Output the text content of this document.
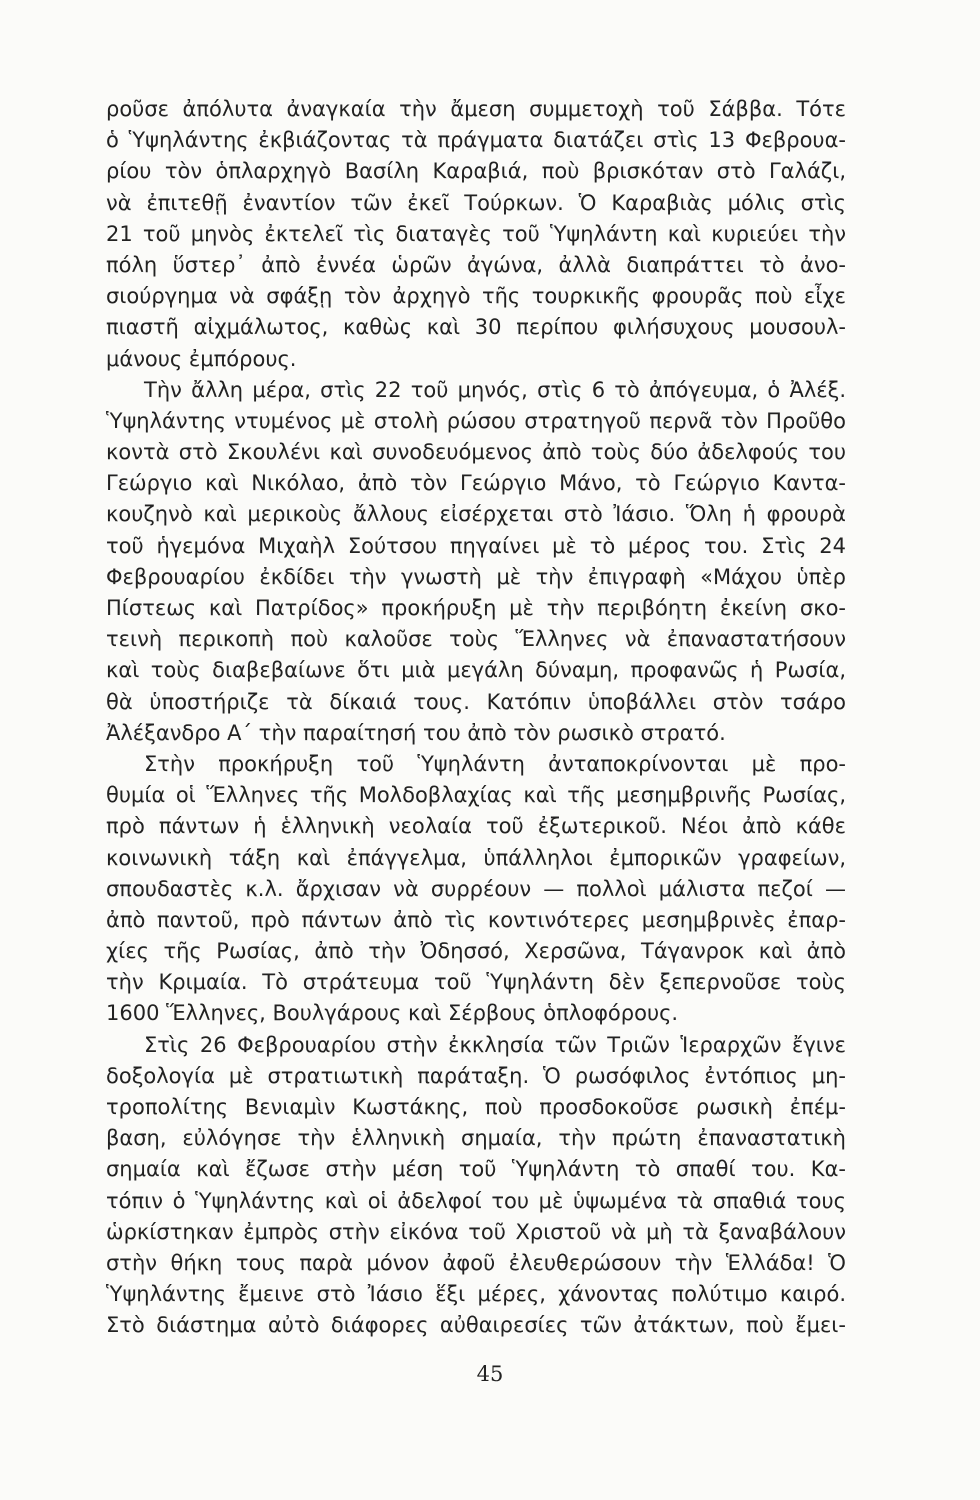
ροῦσε ἀπόλυτα ἀναγκαία τὴν ἄμεση συμμετοχὴ τοῦ Σάββα. Τότε
ὁ Ὑψηλάντης ἐκβιάζοντας τὰ πράγματα διατάζει στὶς 13 Φεβρουα-
ρίου τὸν ὁπλαρχηγὸ Βασίλη Καραβιά, ποὺ βρισκόταν στὸ Γαλάζι,
νὰ ἐπιτεθῇ ἐναντίον τῶν ἐκεῖ Τούρκων. Ὁ Καραβιὰς μόλις στὶς
21 τοῦ μηνὸς ἐκτελεῖ τὶς διαταγὲς τοῦ Ὑψηλάντη καὶ κυριεύει τὴν
πόλη ὕστερ᾽ ἀπὸ ἐννέα ὡρῶν ἀγώνα, ἀλλὰ διαπράττει τὸ ἀνο-
σιούργημα νὰ σφάξῃ τὸν ἀρχηγὸ τῆς τουρκικῆς φρουρᾶς ποὺ εἶχε
πιαστῆ αἰχμάλωτος, καθὼς καὶ 30 περίπου φιλήσυχους μουσουλ-
μάνους ἐμπόρους.
Τὴν ἄλλη μέρα, στὶς 22 τοῦ μηνός, στὶς 6 τὸ ἀπόγευμα, ὁ Ἀλέξ.
Ὑψηλάντης ντυμένος μὲ στολὴ ρώσου στρατηγοῦ περνᾶ τὸν Προῦθο
κοντὰ στὸ Σκουλένι καὶ συνοδευόμενος ἀπὸ τοὺς δύο ἀδελφούς του
Γεώργιο καὶ Νικόλαο, ἀπὸ τὸν Γεώργιο Μάνο, τὸ Γεώργιο Καντα-
κουζηνὸ καὶ μερικοὺς ἄλλους εἰσέρχεται στὸ Ἰάσιο. Ὅλη ἡ φρουρὰ
τοῦ ἡγεμόνα Μιχαὴλ Σούτσου πηγαίνει μὲ τὸ μέρος του. Στὶς 24
Φεβρουαρίου ἐκδίδει τὴν γνωστὴ μὲ τὴν ἐπιγραφὴ «Μάχου ὑπὲρ
Πίστεως καὶ Πατρίδος» προκήρυξη μὲ τὴν περιβόητη ἐκείνη σκο-
τεινὴ περικοπὴ ποὺ καλοῦσε τοὺς Ἕλληνες νὰ ἐπαναστατήσουν
καὶ τοὺς διαβεβαίωνε ὅτι μιὰ μεγάλη δύναμη, προφανῶς ἡ Ρωσία,
θὰ ὑποστήριζε τὰ δίκαιά τους. Κατόπιν ὑποβάλλει στὸν τσάρο
Ἀλέξανδρο Α´ τὴν παραίτησή του ἀπὸ τὸν ρωσικὸ στρατό.
Στὴν προκήρυξη τοῦ Ὑψηλάντη ἀνταποκρίνονται μὲ προ-
θυμία οἱ Ἕλληνες τῆς Μολδοβλαχίας καὶ τῆς μεσημβρινῆς Ρωσίας,
πρὸ πάντων ἡ ἑλληνικὴ νεολαία τοῦ ἐξωτερικοῦ. Νέοι ἀπὸ κάθε
κοινωνικὴ τάξη καὶ ἐπάγγελμα, ὑπάλληλοι ἐμπορικῶν γραφείων,
σπουδαστὲς κ.λ. ἄρχισαν νὰ συρρέουν — πολλοὶ μάλιστα πεζοί —
ἀπὸ παντοῦ, πρὸ πάντων ἀπὸ τὶς κοντινότερες μεσημβρινὲς ἐπαρ-
χίες τῆς Ρωσίας, ἀπὸ τὴν Ὀδησσό, Χερσῶνα, Τάγανροκ καὶ ἀπὸ
τὴν Κριμαία. Τὸ στράτευμα τοῦ Ὑψηλάντη δὲν ξεπερνοῦσε τοὺς
1600 Ἕλληνες, Βουλγάρους καὶ Σέρβους ὁπλοφόρους.
Στὶς 26 Φεβρουαρίου στὴν ἐκκλησία τῶν Τριῶν Ἱεραρχῶν ἔγινε
δοξολογία μὲ στρατιωτικὴ παράταξη. Ὁ ρωσόφιλος ἐντόπιος μη-
τροπολίτης Βενιαμὶν Κωστάκης, ποὺ προσδοκοῦσε ρωσικὴ ἐπέμ-
βαση, εὐλόγησε τὴν ἑλληνικὴ σημαία, τὴν πρώτη ἐπαναστατικὴ
σημαία καὶ ἔζωσε στὴν μέση τοῦ Ὑψηλάντη τὸ σπαθί του. Κα-
τόπιν ὁ Ὑψηλάντης καὶ οἱ ἀδελφοί του μὲ ὑψωμένα τὰ σπαθιά τους
ὡρκίστηκαν ἐμπρὸς στὴν εἰκόνα τοῦ Χριστοῦ νὰ μὴ τὰ ξαναβάλουν
στὴν θήκη τους παρὰ μόνον ἀφοῦ ἐλευθερώσουν τὴν Ἑλλάδα! Ὁ
Ὑψηλάντης ἔμεινε στὸ Ἰάσιο ἕξι μέρες, χάνοντας πολύτιμο καιρό.
Στὸ διάστημα αὐτὸ διάφορες αὐθαιρεσίες τῶν ἀτάκτων, ποὺ ἔμει-
45
